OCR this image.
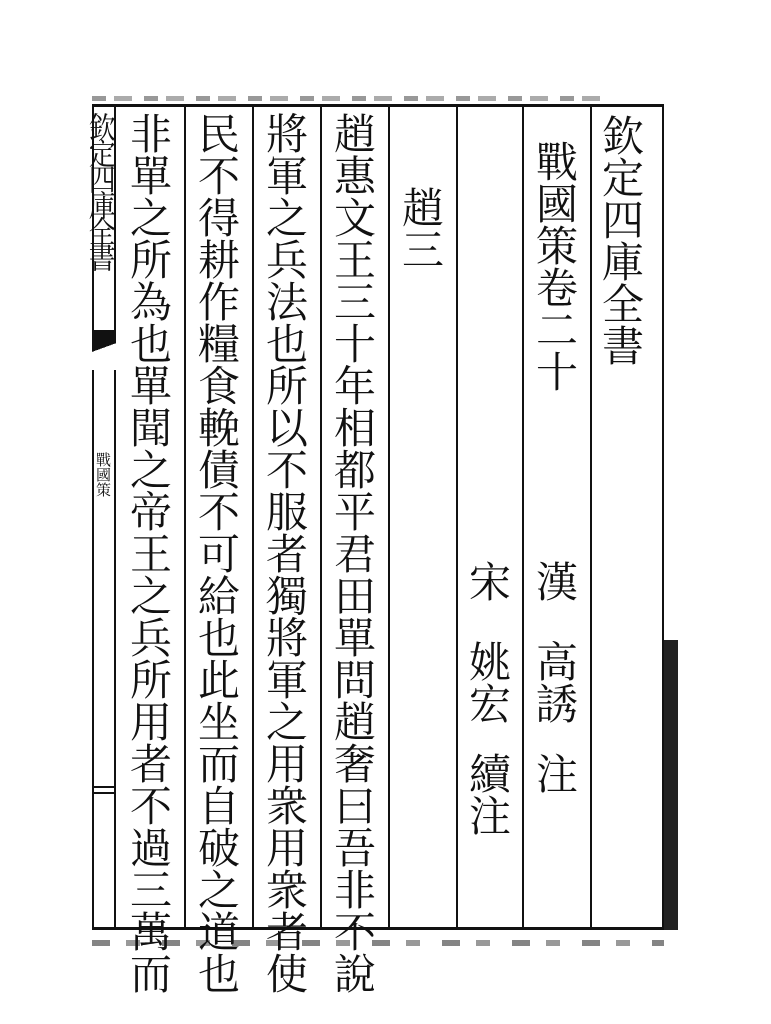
欽定四庫全書
戰國策卷二十
漢
高誘
注
宋
姚宏
續注
趙三
趙惠文王三十年相都平君田單問趙奢曰吾非不說
將軍之兵法也所以不服者獨將軍之用衆用衆者使
民不得耕作糧食輓債不可給也此坐而自破之道也
非單之所為也單聞之帝王之兵所用者不過三萬而
欽定四庫全書
戰國策
